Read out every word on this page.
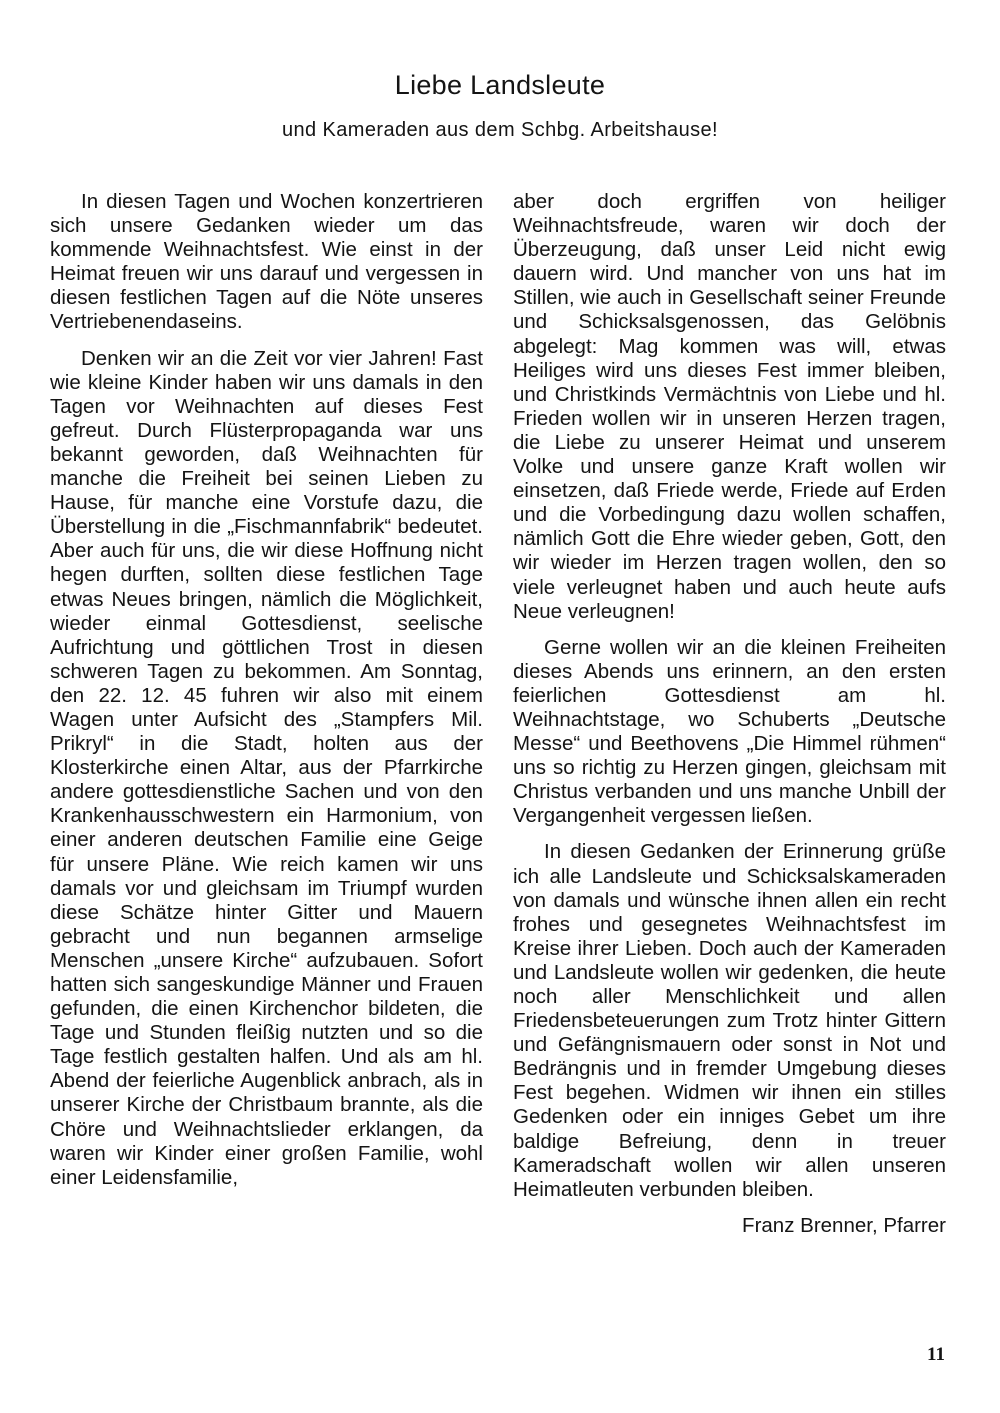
Liebe Landsleute
und Kameraden aus dem Schbg. Arbeitshause!

In diesen Tagen und Wochen konzertrieren sich unsere Gedanken wieder um das kommende Weihnachtsfest. Wie einst in der Heimat freuen wir uns darauf und vergessen in diesen festlichen Tagen auf die Nöte unseres Vertriebenendaseins.

Denken wir an die Zeit vor vier Jahren! Fast wie kleine Kinder haben wir uns damals in den Tagen vor Weihnachten auf dieses Fest gefreut. Durch Flüsterpropaganda war uns bekannt geworden, daß Weihnachten für manche die Freiheit bei seinen Lieben zu Hause, für manche eine Vorstufe dazu, die Überstellung in die „Fischmannfabrik“ bedeutet. Aber auch für uns, die wir diese Hoffnung nicht hegen durften, sollten diese festlichen Tage etwas Neues bringen, nämlich die Möglichkeit, wieder einmal Gottesdienst, seelische Aufrichtung und göttlichen Trost in diesen schweren Tagen zu bekommen. Am Sonntag, den 22. 12. 45 fuhren wir also mit einem Wagen unter Aufsicht des „Stampfers Mil. Prikryl“ in die Stadt, holten aus der Klosterkirche einen Altar, aus der Pfarrkirche andere gottesdienstliche Sachen und von den Krankenhausschwestern ein Harmonium, von einer anderen deutschen Familie eine Geige für unsere Pläne. Wie reich kamen wir uns damals vor und gleichsam im Triumpf wurden diese Schätze hinter Gitter und Mauern gebracht und nun begannen armselige Menschen „unsere Kirche“ aufzubauen. Sofort hatten sich sangeskundige Männer und Frauen gefunden, die einen Kirchenchor bildeten, die Tage und Stunden fleißig nutzten und so die Tage festlich gestalten halfen. Und als am hl. Abend der feierliche Augenblick anbrach, als in unserer Kirche der Christbaum brannte, als die Chöre und Weihnachtslieder erklangen, da waren wir Kinder einer großen Familie, wohl einer Leidensfamilie,

aber doch ergriffen von heiliger Weihnachtsfreude, waren wir doch der Überzeugung, daß unser Leid nicht ewig dauern wird. Und mancher von uns hat im Stillen, wie auch in Gesellschaft seiner Freunde und Schicksalsgenossen, das Gelöbnis abgelegt: Mag kommen was will, etwas Heiliges wird uns dieses Fest immer bleiben, und Christkinds Vermächtnis von Liebe und hl. Frieden wollen wir in unseren Herzen tragen, die Liebe zu unserer Heimat und unserem Volke und unsere ganze Kraft wollen wir einsetzen, daß Friede werde, Friede auf Erden und die Vorbedingung dazu wollen schaffen, nämlich Gott die Ehre wieder geben, Gott, den wir wieder im Herzen tragen wollen, den so viele verleugnet haben und auch heute aufs Neue verleugnen!

Gerne wollen wir an die kleinen Freiheiten dieses Abends uns erinnern, an den ersten feierlichen Gottesdienst am hl. Weihnachtstage, wo Schuberts „Deutsche Messe“ und Beethovens „Die Himmel rühmen“ uns so richtig zu Herzen gingen, gleichsam mit Christus verbanden und uns manche Unbill der Vergangenheit vergessen ließen.

In diesen Gedanken der Erinnerung grüße ich alle Landsleute und Schicksalskameraden von damals und wünsche ihnen allen ein recht frohes und gesegnetes Weihnachtsfest im Kreise ihrer Lieben. Doch auch der Kameraden und Landsleute wollen wir gedenken, die heute noch aller Menschlichkeit und allen Friedensbeteuerungen zum Trotz hinter Gittern und Gefängnismauern oder sonst in Not und Bedrängnis und in fremder Umgebung dieses Fest begehen. Widmen wir ihnen ein stilles Gedenken oder ein inniges Gebet um ihre baldige Befreiung, denn in treuer Kameradschaft wollen wir allen unseren Heimatleuten verbunden bleiben.

Franz Brenner, Pfarrer
11
